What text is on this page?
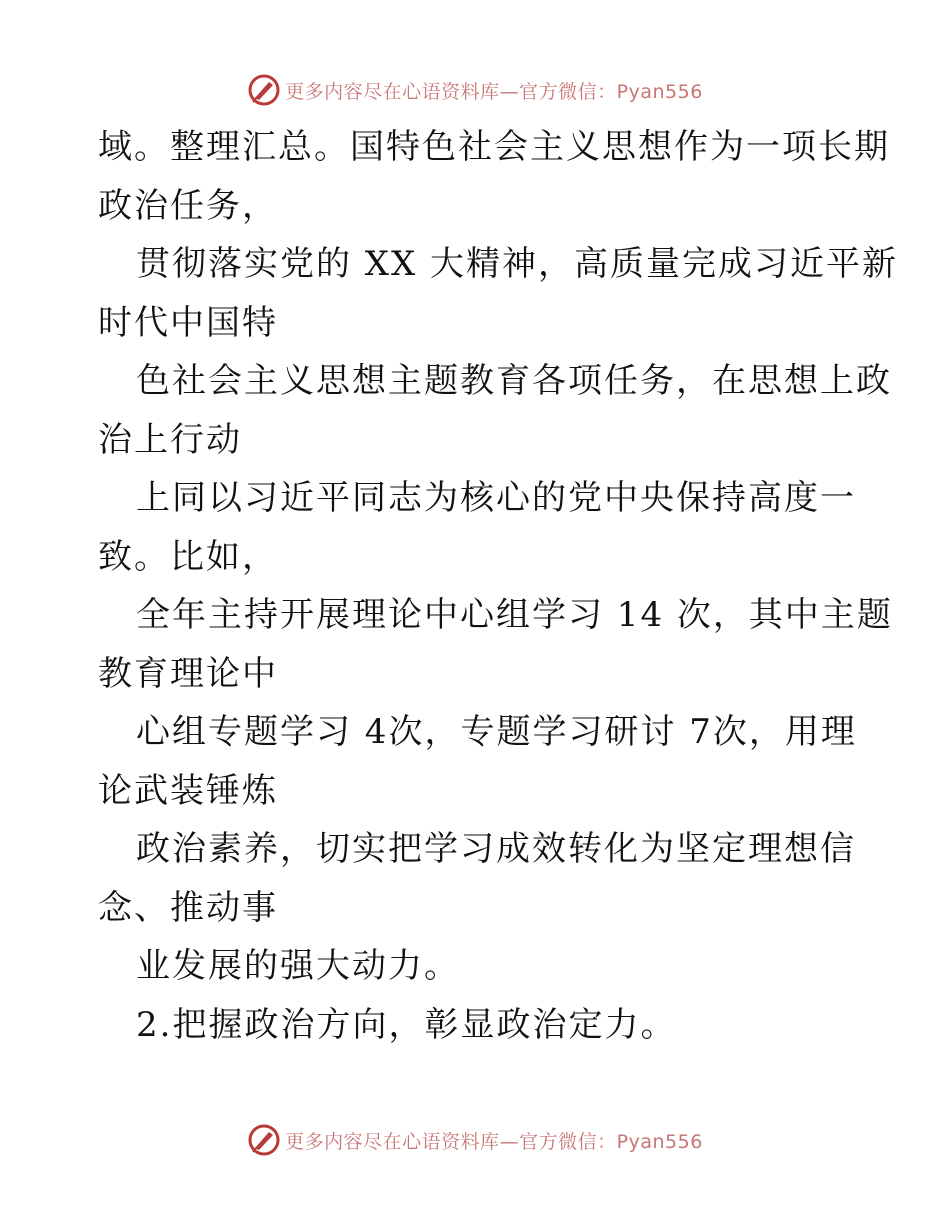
更多内容尽在心语资料库—官方微信：Pyan556
域。整理汇总。国特色社会主义思想作为一项长期
政治任务，
贯彻落实党的 XX 大精神，高质量完成习近平新
时代中国特
色社会主义思想主题教育各项任务，在思想上政
治上行动
上同以习近平同志为核心的党中央保持高度一
致。比如，
全年主持开展理论中心组学习 14 次，其中主题
教育理论中
心组专题学习 4次，专题学习研讨 7次，用理
论武装锤炼
政治素养，切实把学习成效转化为坚定理想信
念、推动事
业发展的强大动力。
2.把握政治方向，彰显政治定力。
更多内容尽在心语资料库—官方微信：Pyan556
